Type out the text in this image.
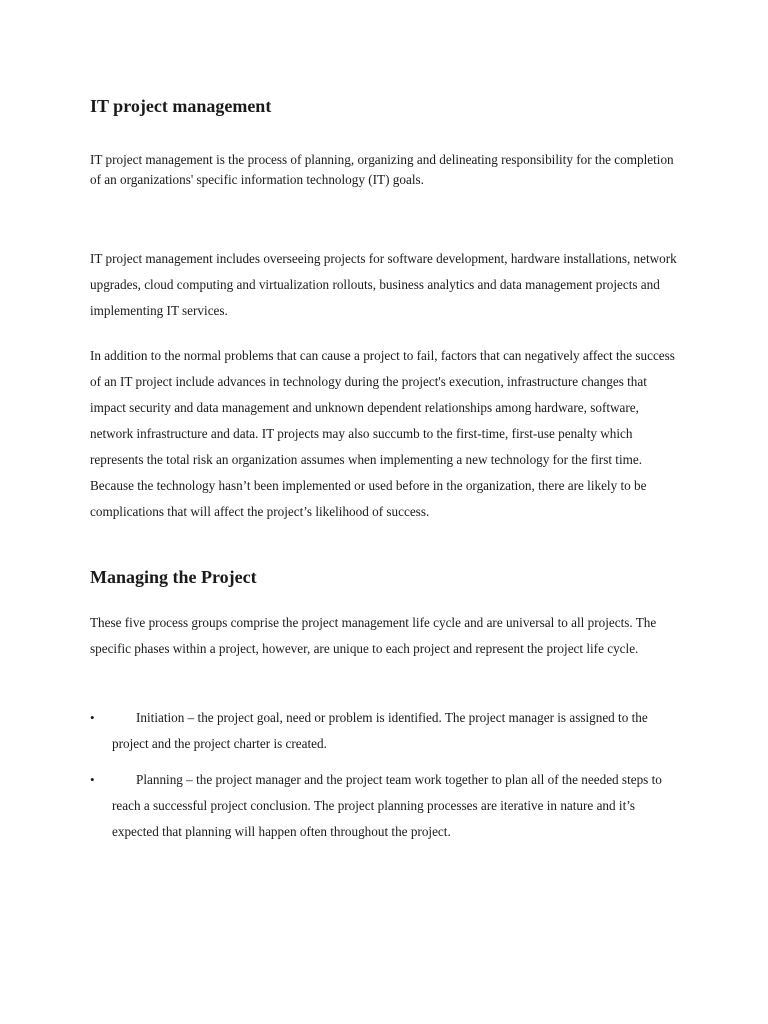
IT project management

IT project management is the process of planning, organizing and delineating responsibility for the completion of an organizations' specific information technology (IT) goals.

IT project management includes overseeing projects for software development, hardware installations, network upgrades, cloud computing and virtualization rollouts, business analytics and data management projects and implementing IT services.

In addition to the normal problems that can cause a project to fail, factors that can negatively affect the success of an IT project include advances in technology during the project's execution, infrastructure changes that impact security and data management and unknown dependent relationships among hardware, software, network infrastructure and data. IT projects may also succumb to the first-time, first-use penalty which represents the total risk an organization assumes when implementing a new technology for the first time. Because the technology hasn’t been implemented or used before in the organization, there are likely to be complications that will affect the project’s likelihood of success.

Managing the Project

These five process groups comprise the project management life cycle and are universal to all projects. The specific phases within a project, however, are unique to each project and represent the project life cycle.

•	Initiation – the project goal, need or problem is identified. The project manager is assigned to the project and the project charter is created.
•	Planning – the project manager and the project team work together to plan all of the needed steps to reach a successful project conclusion. The project planning processes are iterative in nature and it’s expected that planning will happen often throughout the project.
